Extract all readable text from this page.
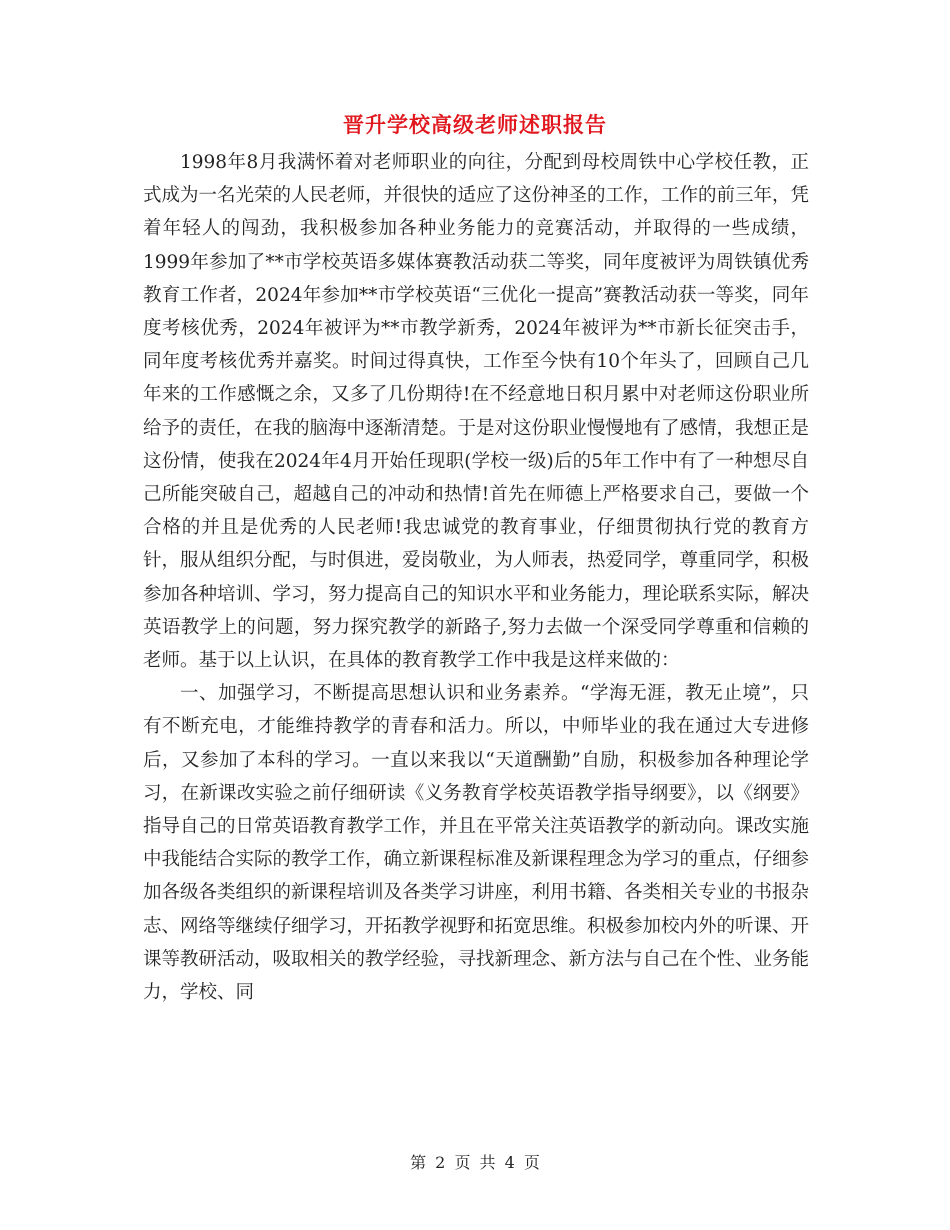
晋升学校高级老师述职报告

1998年8月我满怀着对老师职业的向往，分配到母校周铁中心学校任教，正式成为一名光荣的人民老师，并很快的适应了这份神圣的工作，工作的前三年，凭着年轻人的闯劲，我积极参加各种业务能力的竞赛活动，并取得的一些成绩，1999年参加了**市学校英语多媒体赛教活动获二等奖，同年度被评为周铁镇优秀教育工作者，2024年参加**市学校英语“三优化一提高”赛教活动获一等奖，同年度考核优秀，2024年被评为**市教学新秀，2024年被评为**市新长征突击手，同年度考核优秀并嘉奖。时间过得真快，工作至今快有10个年头了，回顾自己几年来的工作感慨之余，又多了几份期待!在不经意地日积月累中对老师这份职业所给予的责任，在我的脑海中逐渐清楚。于是对这份职业慢慢地有了感情，我想正是这份情，使我在2024年4月开始任现职(学校一级)后的5年工作中有了一种想尽自己所能突破自己，超越自己的冲动和热情!首先在师德上严格要求自己，要做一个合格的并且是优秀的人民老师!我忠诚党的教育事业，仔细贯彻执行党的教育方针，服从组织分配，与时俱进，爱岗敬业，为人师表，热爱同学，尊重同学，积极参加各种培训、学习，努力提高自己的知识水平和业务能力，理论联系实际，解决英语教学上的问题，努力探究教学的新路子,努力去做一个深受同学尊重和信赖的老师。基于以上认识，在具体的教育教学工作中我是这样来做的：

一、加强学习，不断提高思想认识和业务素养。“学海无涯，教无止境”，只有不断充电，才能维持教学的青春和活力。所以，中师毕业的我在通过大专进修后，又参加了本科的学习。一直以来我以“天道酬勤”自励，积极参加各种理论学习，在新课改实验之前仔细研读《义务教育学校英语教学指导纲要》，以《纲要》指导自己的日常英语教育教学工作，并且在平常关注英语教学的新动向。课改实施中我能结合实际的教学工作，确立新课程标准及新课程理念为学习的重点，仔细参加各级各类组织的新课程培训及各类学习讲座，利用书籍、各类相关专业的书报杂志、网络等继续仔细学习，开拓教学视野和拓宽思维。积极参加校内外的听课、开课等教研活动，吸取相关的教学经验，寻找新理念、新方法与自己在个性、业务能力，学校、同

第 2 页 共 4 页
